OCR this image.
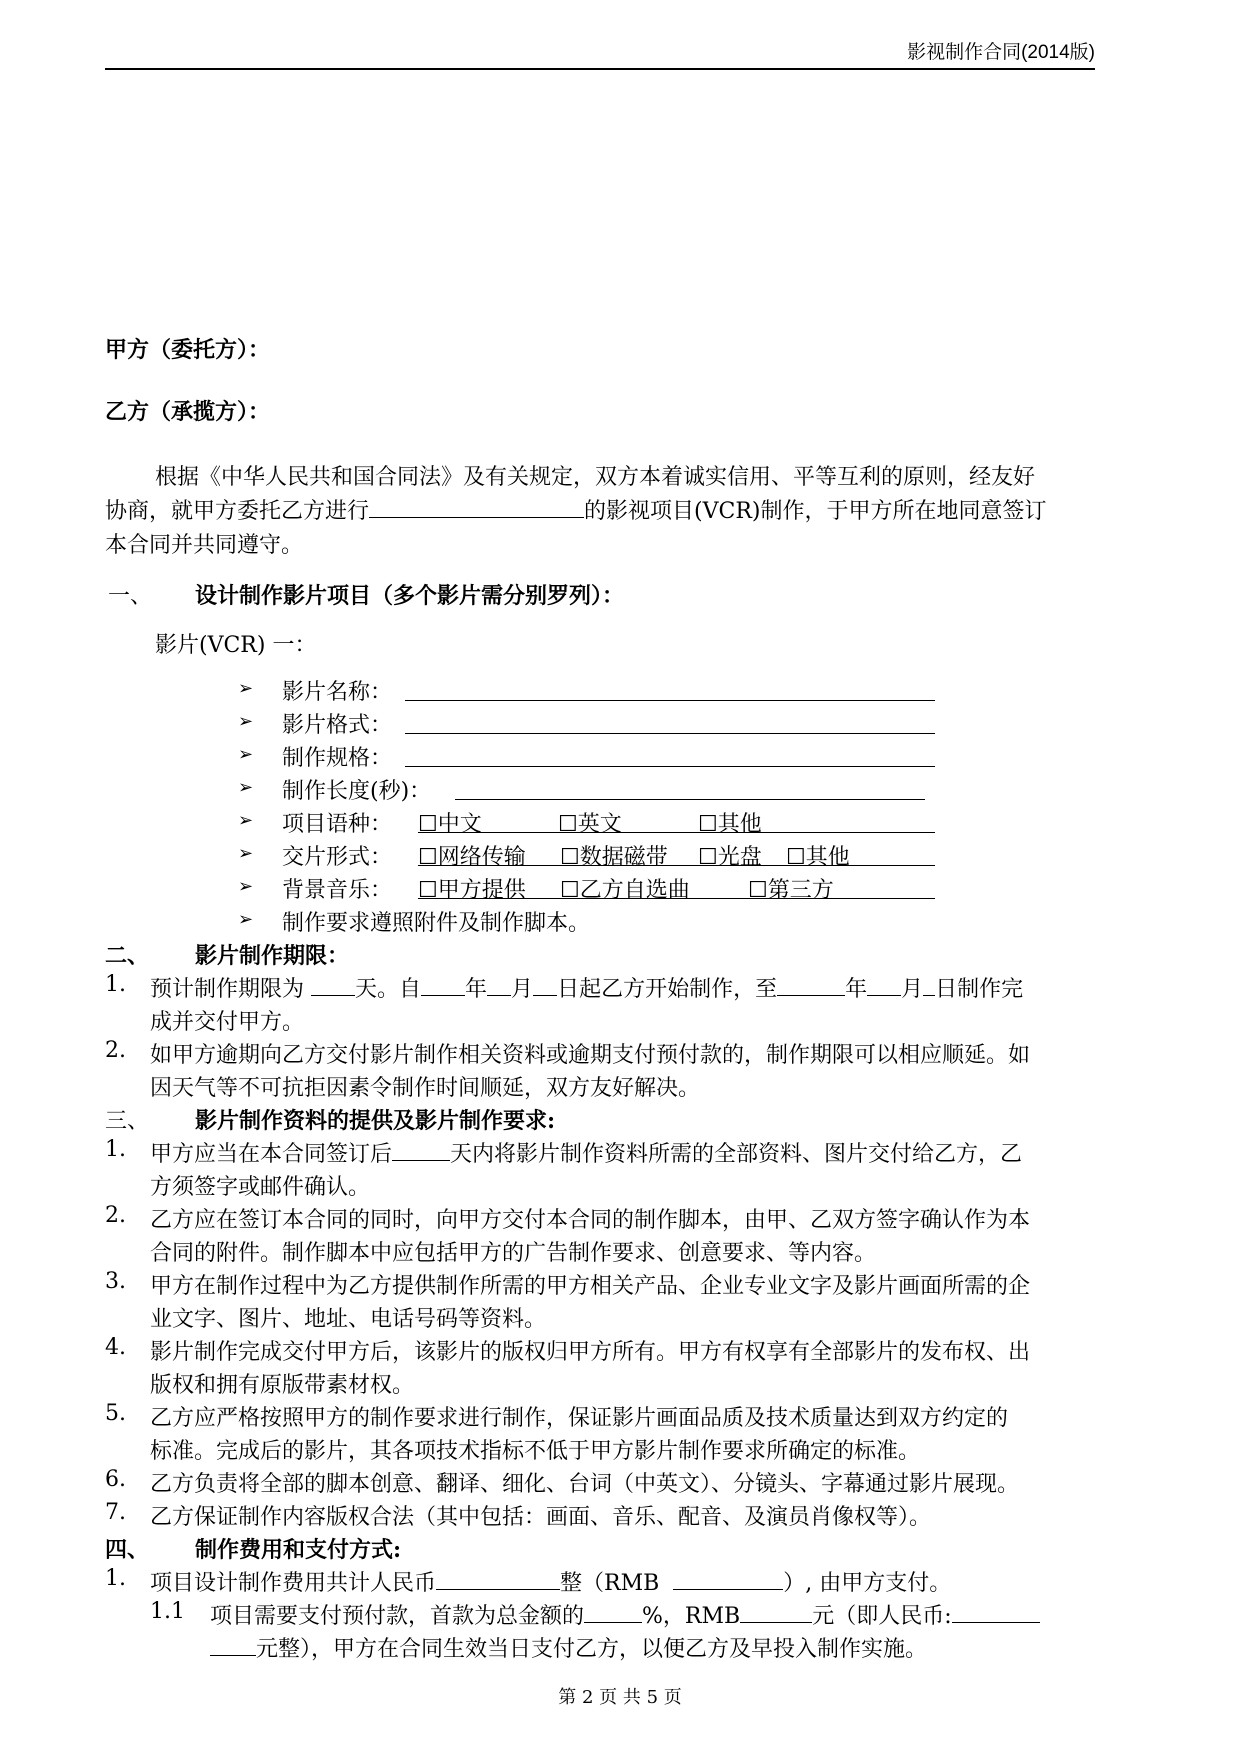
影视制作合同(2014版)
甲方（委托方）：
乙方（承揽方）：
根据《中华人民共和国合同法》及有关规定，双方本着诚实信用、平等互利的原则，经友好
协商，就甲方委托乙方进行	的影视项目(VCR)制作，于甲方所在地同意签订
本合同并共同遵守。
一、 设计制作影片项目（多个影片需分别罗列）：
影片(VCR) 一：
➢ 影片名称：
➢ 影片格式：
➢ 制作规格：
➢ 制作长度(秒)：
➢ 项目语种： ☐中文	☐英文	☐其他
➢ 交片形式： ☐网络传输 ☐数据磁带 ☐光盘 ☐其他
➢ 背景音乐： ☐甲方提供 ☐乙方自选曲	☐第三方
➢ 制作要求遵照附件及制作脚本。
二、 影片制作期限：
1. 预计制作期限为 天。自 年 月 日起乙方开始制作，至	年 月 日制作完
成并交付甲方。
2. 如甲方逾期向乙方交付影片制作相关资料或逾期支付预付款的，制作期限可以相应顺延。如
因天气等不可抗拒因素令制作时间顺延，双方友好解决。
三、 影片制作资料的提供及影片制作要求:
1. 甲方应当在本合同签订后	天内将影片制作资料所需的全部资料、图片交付给乙方，乙
方须签字或邮件确认。
2. 乙方应在签订本合同的同时，向甲方交付本合同的制作脚本，由甲、乙双方签字确认作为本
合同的附件。制作脚本中应包括甲方的广告制作要求、创意要求、等内容。
3. 甲方在制作过程中为乙方提供制作所需的甲方相关产品、企业专业文字及影片画面所需的企
业文字、图片、地址、电话号码等资料。
4. 影片制作完成交付甲方后，该影片的版权归甲方所有。甲方有权享有全部影片的发布权、出
版权和拥有原版带素材权。
5. 乙方应严格按照甲方的制作要求进行制作，保证影片画面品质及技术质量达到双方约定的
标准。完成后的影片，其各项技术指标不低于甲方影片制作要求所确定的标准。
6. 乙方负责将全部的脚本创意、翻译、细化、台词（中英文）、分镜头、字幕通过影片展现。
7. 乙方保证制作内容版权合法（其中包括：画面、音乐、配音、及演员肖像权等）。
四、 制作费用和支付方式:
1. 项目设计制作费用共计人民币	整（RMB	）, 由甲方支付。
1.1 项目需要支付预付款，首款为总金额的	%，RMB	元（即人民币:
元整），甲方在合同生效当日支付乙方，以便乙方及早投入制作实施。
第 2 页 共 5 页
